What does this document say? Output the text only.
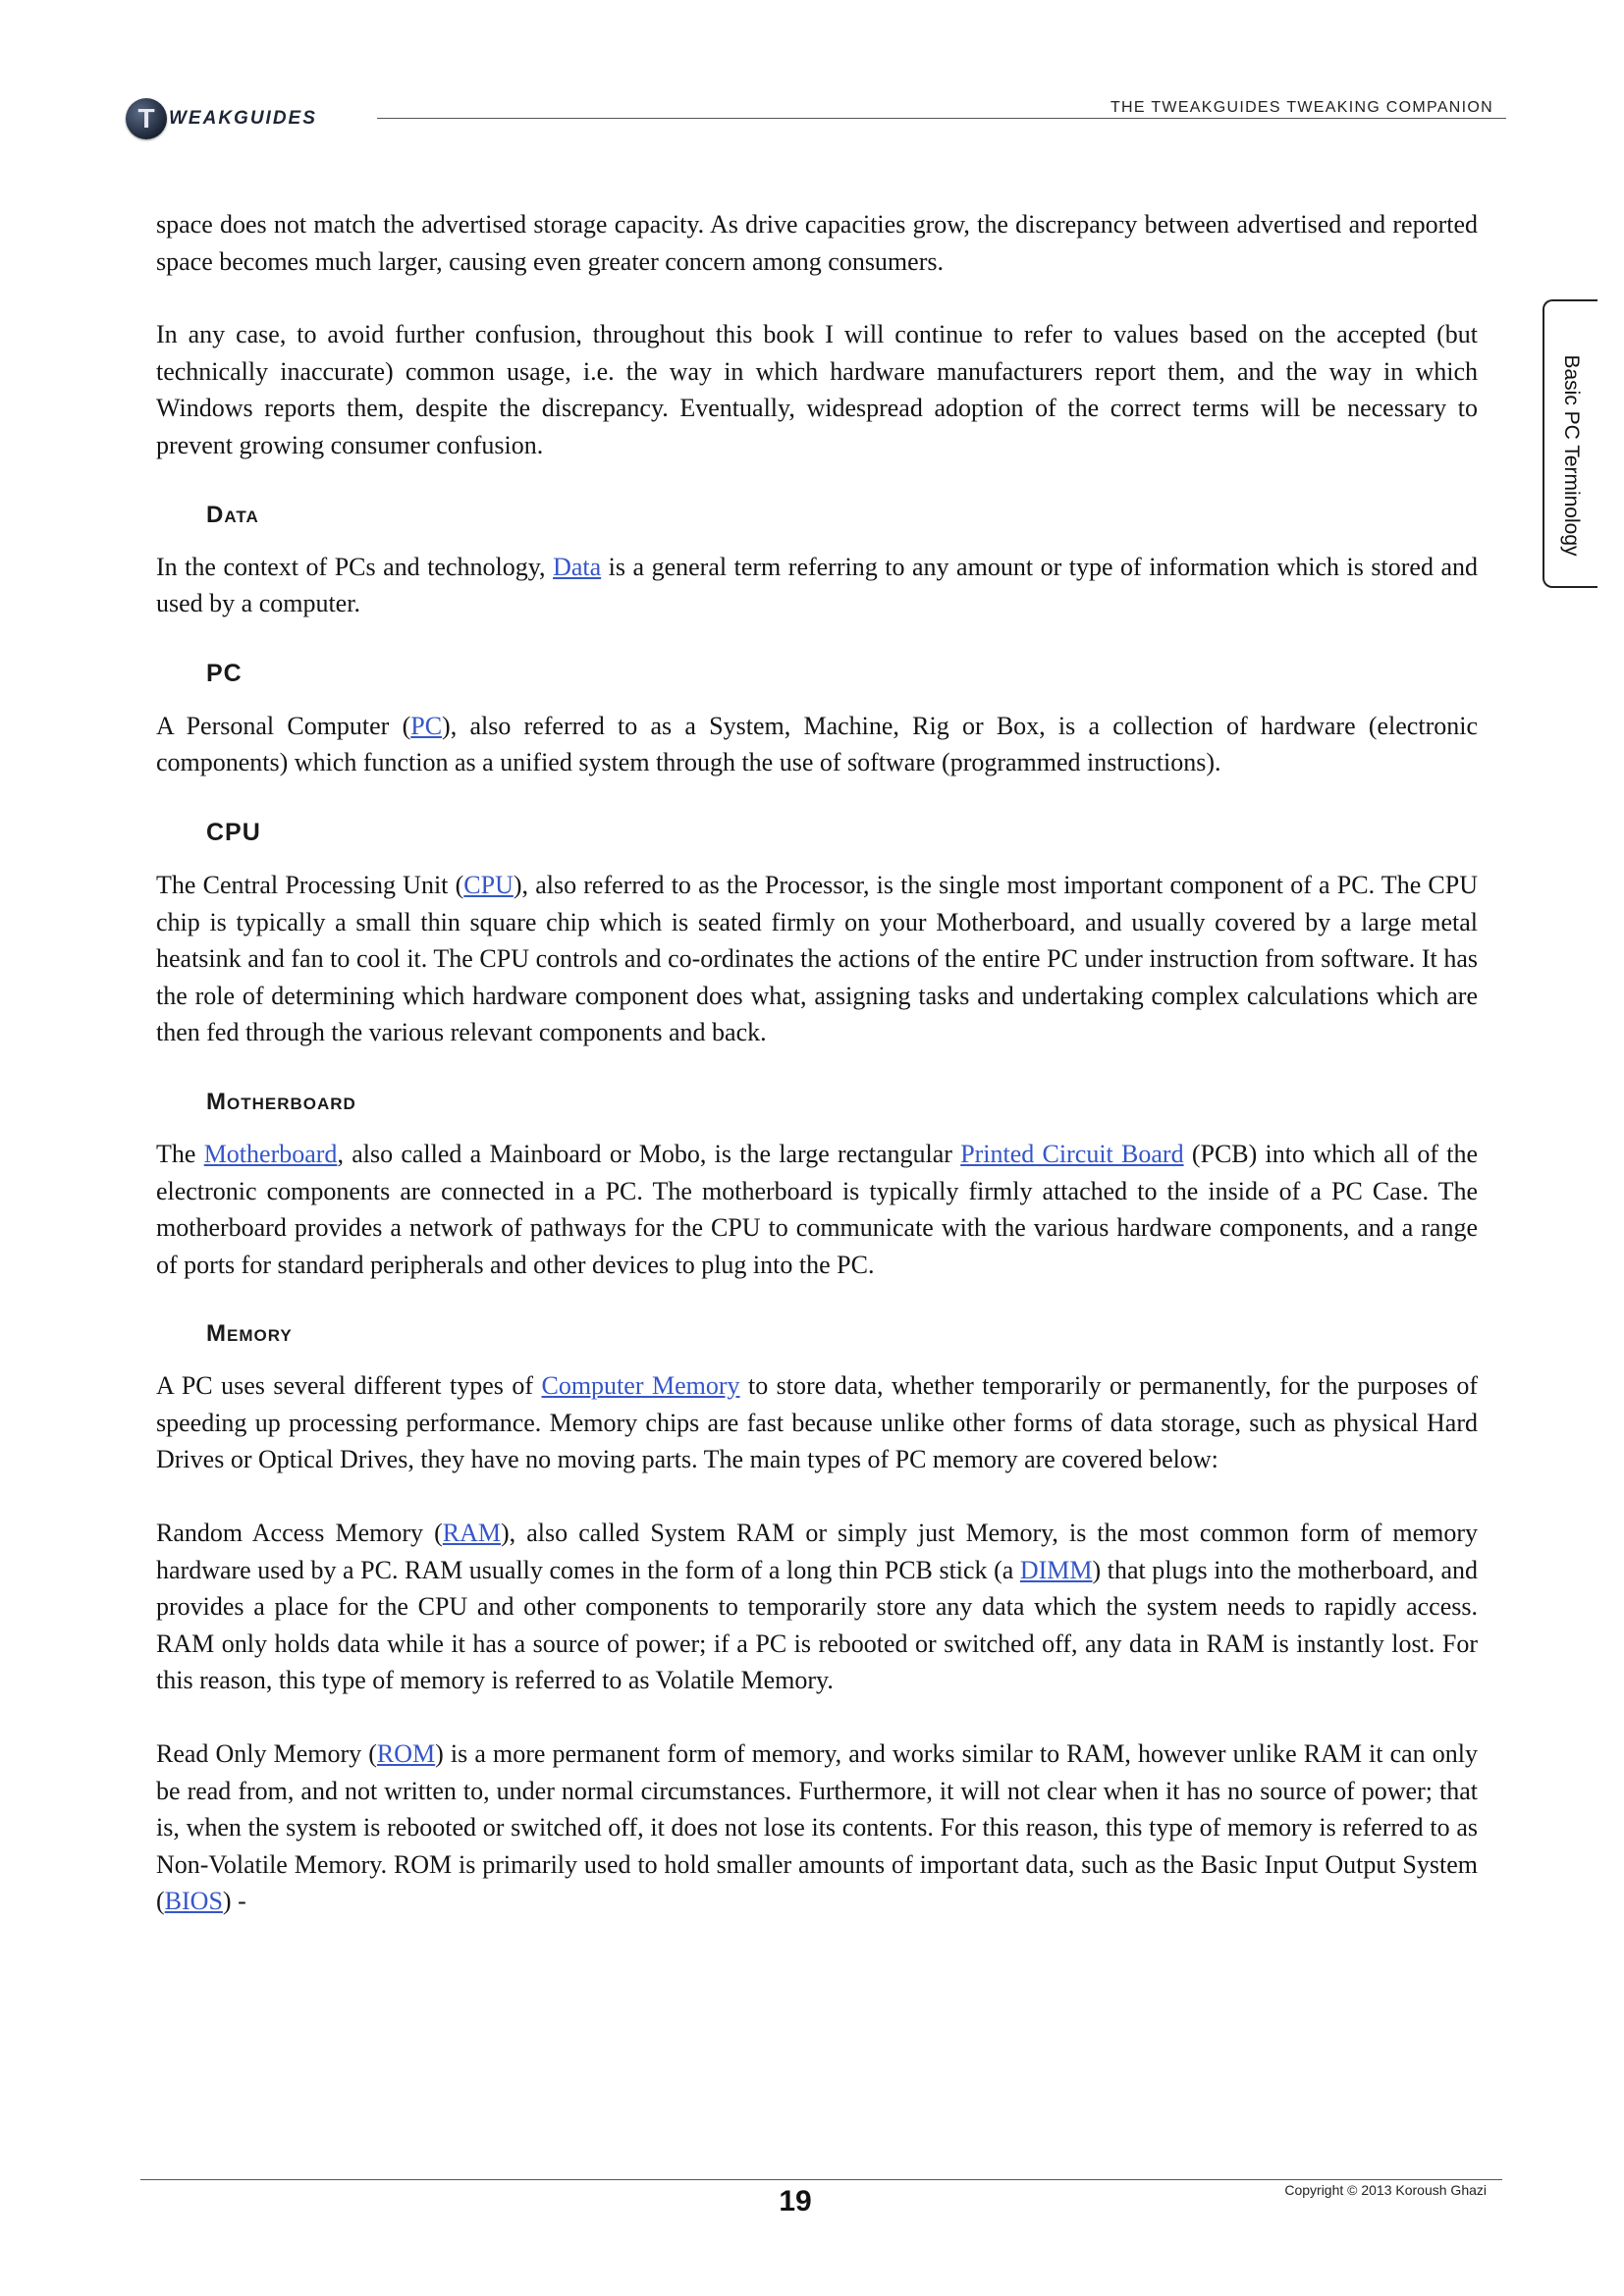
T WEAKGUIDES
THE TWEAKGUIDES TWEAKING COMPANION
Basic PC Terminology

space does not match the advertised storage capacity. As drive capacities grow, the discrepancy between advertised and reported space becomes much larger, causing even greater concern among consumers.

In any case, to avoid further confusion, throughout this book I will continue to refer to values based on the accepted (but technically inaccurate) common usage, i.e. the way in which hardware manufacturers report them, and the way in which Windows reports them, despite the discrepancy. Eventually, widespread adoption of the correct terms will be necessary to prevent growing consumer confusion.

Data

In the context of PCs and technology, Data is a general term referring to any amount or type of information which is stored and used by a computer.

PC

A Personal Computer (PC), also referred to as a System, Machine, Rig or Box, is a collection of hardware (electronic components) which function as a unified system through the use of software (programmed instructions).

CPU

The Central Processing Unit (CPU), also referred to as the Processor, is the single most important component of a PC. The CPU chip is typically a small thin square chip which is seated firmly on your Motherboard, and usually covered by a large metal heatsink and fan to cool it. The CPU controls and co-ordinates the actions of the entire PC under instruction from software. It has the role of determining which hardware component does what, assigning tasks and undertaking complex calculations which are then fed through the various relevant components and back.

Motherboard

The Motherboard, also called a Mainboard or Mobo, is the large rectangular Printed Circuit Board (PCB) into which all of the electronic components are connected in a PC. The motherboard is typically firmly attached to the inside of a PC Case. The motherboard provides a network of pathways for the CPU to communicate with the various hardware components, and a range of ports for standard peripherals and other devices to plug into the PC.

Memory

A PC uses several different types of Computer Memory to store data, whether temporarily or permanently, for the purposes of speeding up processing performance. Memory chips are fast because unlike other forms of data storage, such as physical Hard Drives or Optical Drives, they have no moving parts. The main types of PC memory are covered below:

Random Access Memory (RAM), also called System RAM or simply just Memory, is the most common form of memory hardware used by a PC. RAM usually comes in the form of a long thin PCB stick (a DIMM) that plugs into the motherboard, and provides a place for the CPU and other components to temporarily store any data which the system needs to rapidly access. RAM only holds data while it has a source of power; if a PC is rebooted or switched off, any data in RAM is instantly lost. For this reason, this type of memory is referred to as Volatile Memory.

Read Only Memory (ROM) is a more permanent form of memory, and works similar to RAM, however unlike RAM it can only be read from, and not written to, under normal circumstances. Furthermore, it will not clear when it has no source of power; that is, when the system is rebooted or switched off, it does not lose its contents. For this reason, this type of memory is referred to as Non-Volatile Memory. ROM is primarily used to hold smaller amounts of important data, such as the Basic Input Output System (BIOS) -

19	Copyright © 2013 Koroush Ghazi
